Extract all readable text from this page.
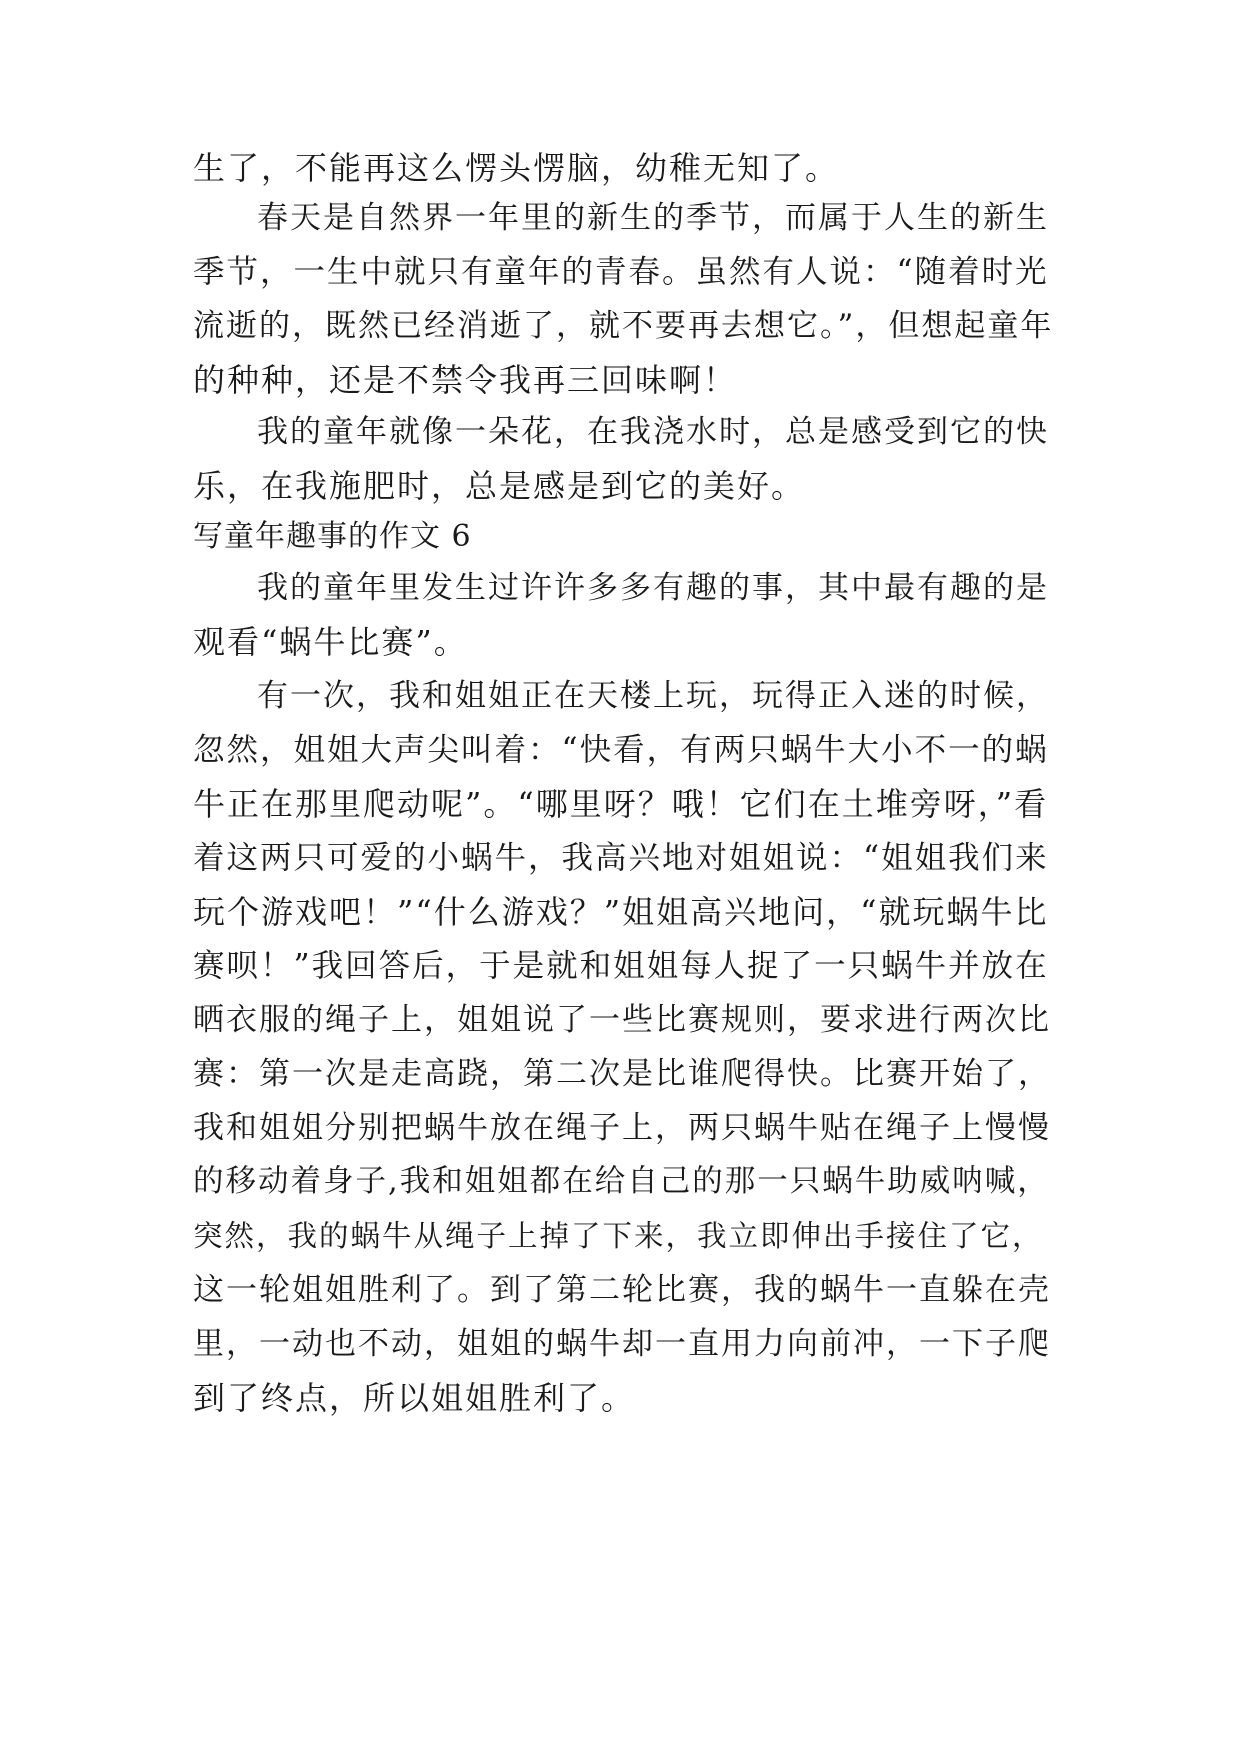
生了，不能再这么愣头愣脑，幼稚无知了。
春天是自然界一年里的新生的季节，而属于人生的新生
季节，一生中就只有童年的青春。虽然有人说：“随着时光
流逝的，既然已经消逝了，就不要再去想它。”，但想起童年
的种种，还是不禁令我再三回味啊！
我的童年就像一朵花，在我浇水时，总是感受到它的快
乐，在我施肥时，总是感是到它的美好。
写童年趣事的作文 6
我的童年里发生过许许多多有趣的事，其中最有趣的是
观看“蜗牛比赛”。
有一次，我和姐姐正在天楼上玩，玩得正入迷的时候，
忽然，姐姐大声尖叫着：“快看，有两只蜗牛大小不一的蜗
牛正在那里爬动呢”。“哪里呀？哦！它们在土堆旁呀，”看
着这两只可爱的小蜗牛，我高兴地对姐姐说：“姐姐我们来
玩个游戏吧！”“什么游戏？”姐姐高兴地问，“就玩蜗牛比
赛呗！”我回答后，于是就和姐姐每人捉了一只蜗牛并放在
晒衣服的绳子上，姐姐说了一些比赛规则，要求进行两次比
赛：第一次是走高跷，第二次是比谁爬得快。比赛开始了，
我和姐姐分别把蜗牛放在绳子上，两只蜗牛贴在绳子上慢慢
的移动着身子,我和姐姐都在给自己的那一只蜗牛助威呐喊，
突然，我的蜗牛从绳子上掉了下来，我立即伸出手接住了它，
这一轮姐姐胜利了。到了第二轮比赛，我的蜗牛一直躲在壳
里，一动也不动，姐姐的蜗牛却一直用力向前冲，一下子爬
到了终点，所以姐姐胜利了。
